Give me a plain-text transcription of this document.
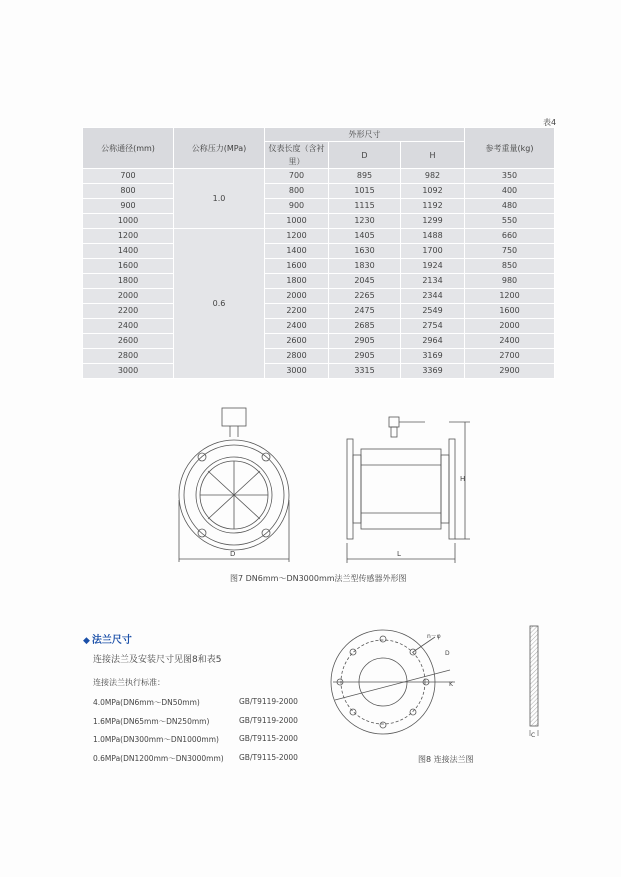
表4
公称通径(mm)	公称压力(MPa)	外形尺寸			参考重量(kg)
		仪表长度（含衬里）	D	H	
700	1.0	700	895	982	350
800		800	1015	1092	400
900		900	1115	1192	480
1000		1000	1230	1299	550
1200	0.6	1200	1405	1488	660
1400		1400	1630	1700	750
1600		1600	1830	1924	850
1800		1800	2045	2134	980
2000		2000	2265	2344	1200
2200		2200	2475	2549	1600
2400		2400	2685	2754	2000
2600		2600	2905	2964	2400
2800		2800	2905	3169	2700
3000		3000	3315	3369	2900
D
H
L
图7 DN6mm～DN3000mm法兰型传感器外形图
◆ 法兰尺寸
连接法兰及安装尺寸见图8和表5
连接法兰执行标准：
4.0MPa(DN6mm～DN50mm)	GB/T9119-2000
1.6MPa(DN65mm～DN250mm)	GB/T9119-2000
1.0MPa(DN300mm～DN1000mm)	GB/T9115-2000
0.6MPa(DN1200mm～DN3000mm) GB/T9115-2000
n－φ
D
K
C
图8 连接法兰图
